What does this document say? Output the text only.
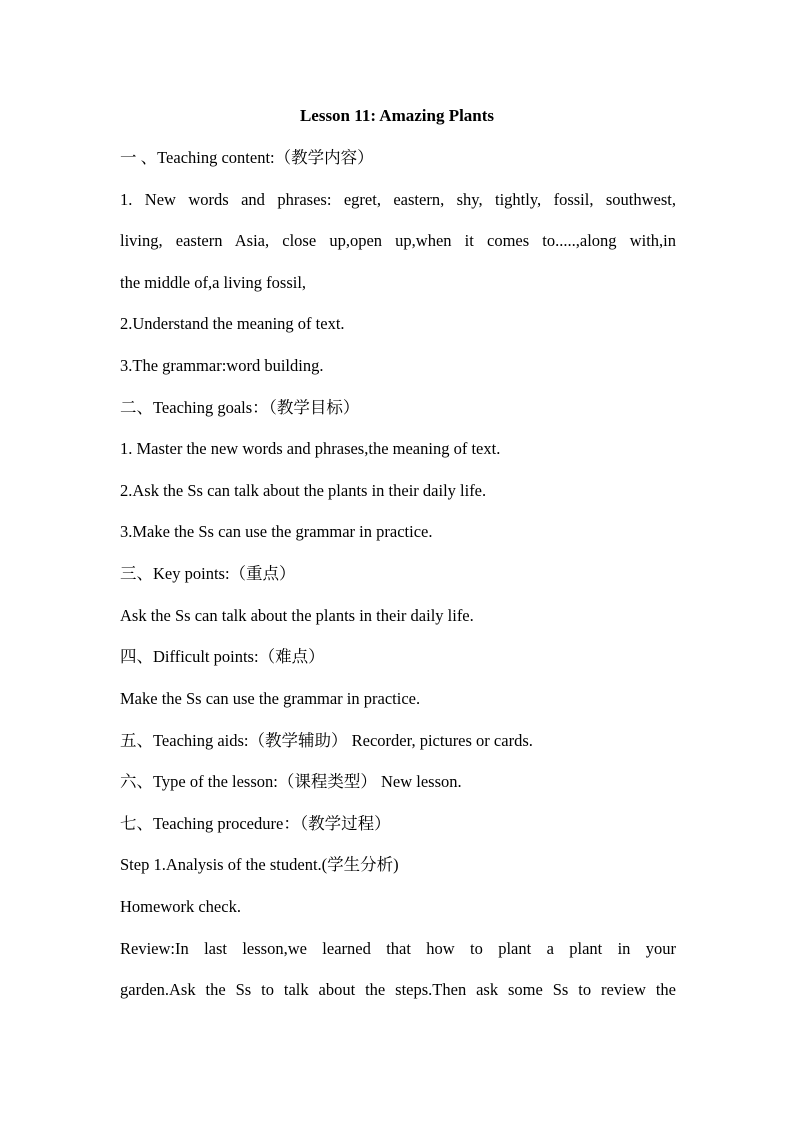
Lesson 11: Amazing Plants
一 、Teaching content:（教学内容）
1. New words and phrases: egret, eastern, shy, tightly, fossil, southwest,
living, eastern Asia, close up,open up,when it comes to.....,along with,in
the middle of,a living fossil,
2.Understand the meaning of text.
3.The grammar:word building.
二、Teaching goals：（教学目标）
1. Master the new words and phrases,the meaning of text.
2.Ask the Ss can talk about the plants in their daily life.
3.Make the Ss can use the grammar in practice.
三、Key points:（重点）
Ask the Ss can talk about the plants in their daily life.
四、Difficult points:（难点）
Make the Ss can use the grammar in practice.
五、Teaching aids:（教学辅助） Recorder, pictures or cards.
六、Type of the lesson:（课程类型） New lesson.
七、Teaching procedure：（教学过程）
Step 1.Analysis of the student.(学生分析)
Homework check.
Review:In last lesson,we learned that how to plant a plant in your
garden.Ask the Ss to talk about the steps.Then ask some Ss to review the
